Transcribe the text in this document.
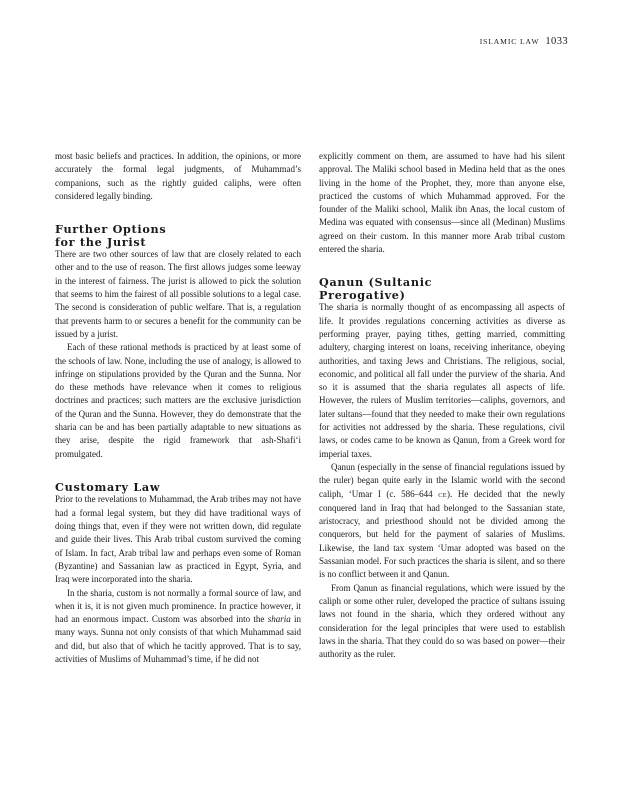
ISLAMIC LAW 1033

most basic beliefs and practices. In addition, the opinions, or more accurately the formal legal judgments, of Muhammad’s companions, such as the rightly guided caliphs, were often considered legally binding.

Further Options
for the Jurist

There are two other sources of law that are closely related to each other and to the use of reason. The first allows judges some leeway in the interest of fairness. The jurist is allowed to pick the solution that seems to him the fairest of all possible solutions to a legal case. The second is consideration of public welfare. That is, a regulation that prevents harm to or secures a benefit for the community can be issued by a jurist.

Each of these rational methods is practiced by at least some of the schools of law. None, including the use of analogy, is allowed to infringe on stipulations provided by the Quran and the Sunna. Nor do these methods have relevance when it comes to religious doctrines and practices; such matters are the exclusive jurisdiction of the Quran and the Sunna. However, they do demonstrate that the sharia can be and has been partially adaptable to new situations as they arise, despite the rigid framework that ash-Shafi‘i promulgated.

Customary Law

Prior to the revelations to Muhammad, the Arab tribes may not have had a formal legal system, but they did have traditional ways of doing things that, even if they were not written down, did regulate and guide their lives. This Arab tribal custom survived the coming of Islam. In fact, Arab tribal law and perhaps even some of Roman (Byzantine) and Sassanian law as practiced in Egypt, Syria, and Iraq were incorporated into the sharia.

In the sharia, custom is not normally a formal source of law, and when it is, it is not given much prominence. In practice however, it had an enormous impact. Custom was absorbed into the sharia in many ways. Sunna not only consists of that which Muhammad said and did, but also that of which he tacitly approved. That is to say, activities of Muslims of Muhammad’s time, if he did not

explicitly comment on them, are assumed to have had his silent approval. The Maliki school based in Medina held that as the ones living in the home of the Prophet, they, more than anyone else, practiced the customs of which Muhammad approved. For the founder of the Maliki school, Malik ibn Anas, the local custom of Medina was equated with consensus—since all (Medinan) Muslims agreed on their custom. In this manner more Arab tribal custom entered the sharia.

Qanun (Sultanic
Prerogative)

The sharia is normally thought of as encompassing all aspects of life. It provides regulations concerning activities as diverse as performing prayer, paying tithes, getting married, committing adultery, charging interest on loans, receiving inheritance, obeying authorities, and taxing Jews and Christians. The religious, social, economic, and political all fall under the purview of the sharia. And so it is assumed that the sharia regulates all aspects of life. However, the rulers of Muslim territories—caliphs, governors, and later sultans—found that they needed to make their own regulations for activities not addressed by the sharia. These regulations, civil laws, or codes came to be known as Qanun, from a Greek word for imperial taxes.

Qanun (especially in the sense of financial regulations issued by the ruler) began quite early in the Islamic world with the second caliph, ‘Umar I (c. 586–644 CE). He decided that the newly conquered land in Iraq that had belonged to the Sassanian state, aristocracy, and priesthood should not be divided among the conquerors, but held for the payment of salaries of Muslims. Likewise, the land tax system ‘Umar adopted was based on the Sassanian model. For such practices the sharia is silent, and so there is no conflict between it and Qanun.

From Qanun as financial regulations, which were issued by the caliph or some other ruler, developed the practice of sultans issuing laws not found in the sharia, which they ordered without any consideration for the legal principles that were used to establish laws in the sharia. That they could do so was based on power—their authority as the ruler.
